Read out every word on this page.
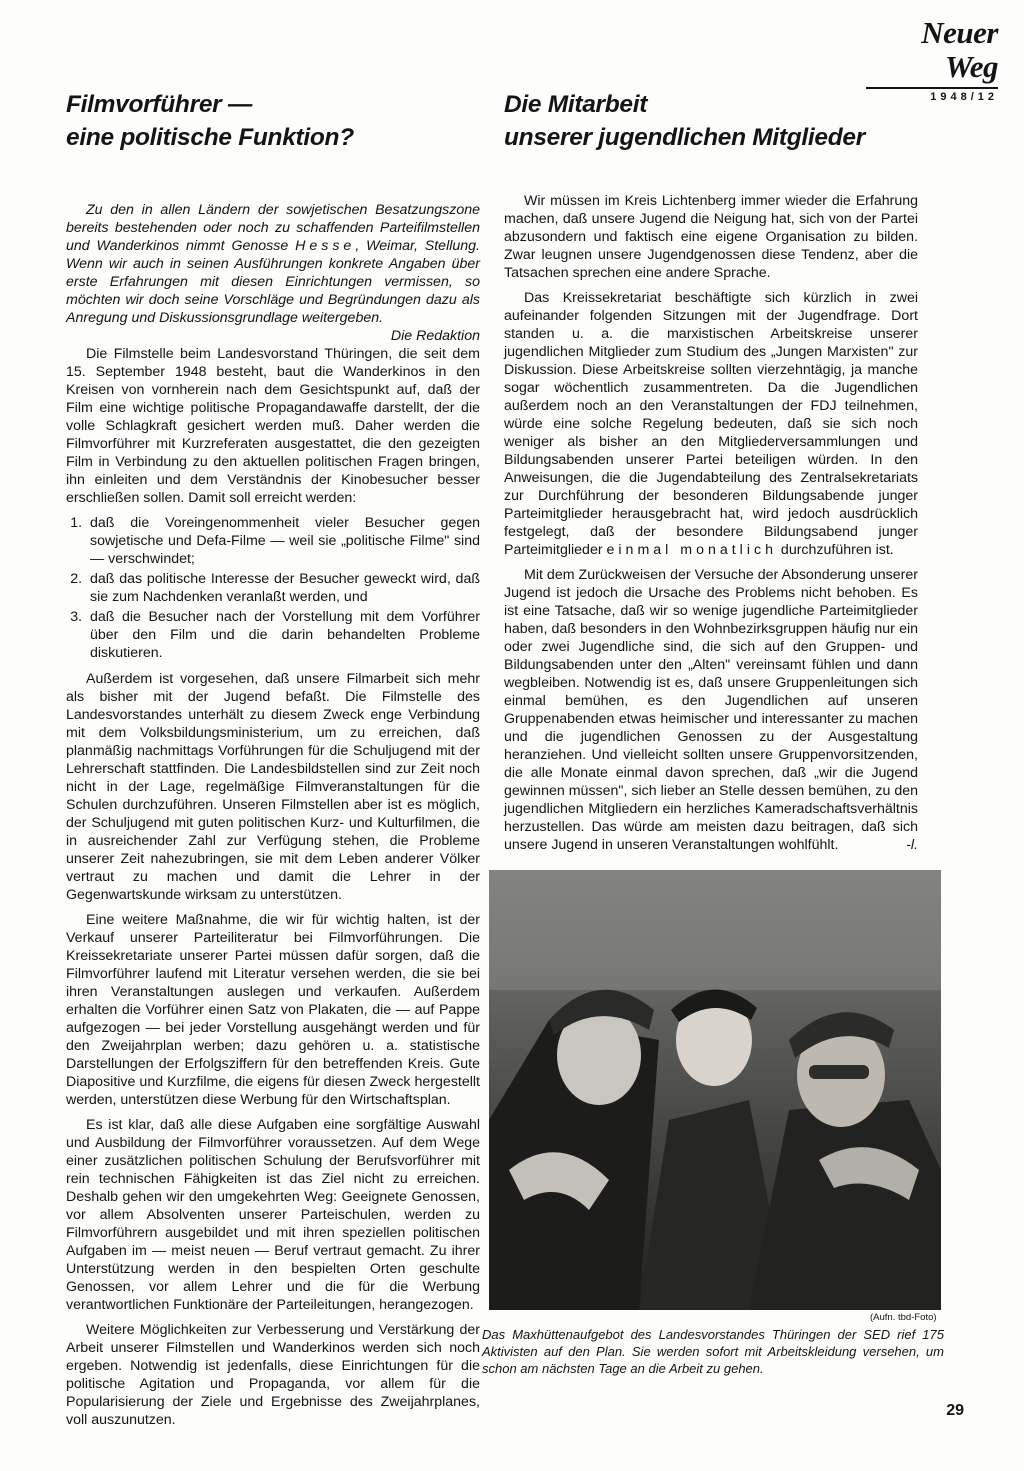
Neuer Weg
1948/12
Filmvorführer —
eine politische Funktion?

Zu den in allen Ländern der sowjetischen Besatzungszone bereits bestehenden oder noch zu schaffenden Parteifilmstellen und Wanderkinos nimmt Genosse Hesse, Weimar, Stellung. Wenn wir auch in seinen Ausführungen konkrete Angaben über erste Erfahrungen mit diesen Einrichtungen vermissen, so möchten wir doch seine Vorschläge und Begründungen dazu als Anregung und Diskussionsgrundlage weitergeben.
Die Redaktion

Die Filmstelle beim Landesvorstand Thüringen, die seit dem 15. September 1948 besteht, baut die Wanderkinos in den Kreisen von vornherein nach dem Gesichtspunkt auf, daß der Film eine wichtige politische Propagandawaffe darstellt, der die volle Schlagkraft gesichert werden muß. Daher werden die Filmvorführer mit Kurzreferaten ausgestattet, die den gezeigten Film in Verbindung zu den aktuellen politischen Fragen bringen, ihn einleiten und dem Verständnis der Kinobesucher besser erschließen sollen. Damit soll erreicht werden:

1. daß die Voreingenommenheit vieler Besucher gegen sowjetische und Defa-Filme — weil sie „politische Filme" sind — verschwindet;
2. daß das politische Interesse der Besucher geweckt wird, daß sie zum Nachdenken veranlaßt werden, und
3. daß die Besucher nach der Vorstellung mit dem Vorführer über den Film und die darin behandelten Probleme diskutieren.

Außerdem ist vorgesehen, daß unsere Filmarbeit sich mehr als bisher mit der Jugend befaßt. Die Filmstelle des Landesvorstandes unterhält zu diesem Zweck enge Verbindung mit dem Volksbildungsministerium, um zu erreichen, daß planmäßig nachmittags Vorführungen für die Schuljugend mit der Lehrerschaft stattfinden. Die Landesbildstellen sind zur Zeit noch nicht in der Lage, regelmäßige Filmveranstaltungen für die Schulen durchzuführen. Unseren Filmstellen aber ist es möglich, der Schuljugend mit guten politischen Kurz- und Kulturfilmen, die in ausreichender Zahl zur Verfügung stehen, die Probleme unserer Zeit nahezubringen, sie mit dem Leben anderer Völker vertraut zu machen und damit die Lehrer in der Gegenwartskunde wirksam zu unterstützen.

Eine weitere Maßnahme, die wir für wichtig halten, ist der Verkauf unserer Parteiliteratur bei Filmvorführungen. Die Kreissekretariate unserer Partei müssen dafür sorgen, daß die Filmvorführer laufend mit Literatur versehen werden, die sie bei ihren Veranstaltungen auslegen und verkaufen. Außerdem erhalten die Vorführer einen Satz von Plakaten, die — auf Pappe aufgezogen — bei jeder Vorstellung ausgehängt werden und für den Zweijahrplan werben; dazu gehören u. a. statistische Darstellungen der Erfolgsziffern für den betreffenden Kreis. Gute Diapositive und Kurzfilme, die eigens für diesen Zweck hergestellt werden, unterstützen diese Werbung für den Wirtschaftsplan.

Es ist klar, daß alle diese Aufgaben eine sorgfältige Auswahl und Ausbildung der Filmvorführer voraussetzen. Auf dem Wege einer zusätzlichen politischen Schulung der Berufsvorführer mit rein technischen Fähigkeiten ist das Ziel nicht zu erreichen. Deshalb gehen wir den umgekehrten Weg: Geeignete Genossen, vor allem Absolventen unserer Parteischulen, werden zu Filmvorführern ausgebildet und mit ihren speziellen politischen Aufgaben im — meist neuen — Beruf vertraut gemacht. Zu ihrer Unterstützung werden in den bespielten Orten geschulte Genossen, vor allem Lehrer und die für die Werbung verantwortlichen Funktionäre der Parteileitungen, herangezogen.

Weitere Möglichkeiten zur Verbesserung und Verstärkung der Arbeit unserer Filmstellen und Wanderkinos werden sich noch ergeben. Notwendig ist jedenfalls, diese Einrichtungen für die politische Agitation und Propaganda, vor allem für die Popularisierung der Ziele und Ergebnisse des Zweijahrplanes, voll auszunutzen.

Die Mitarbeit
unserer jugendlichen Mitglieder

Wir müssen im Kreis Lichtenberg immer wieder die Erfahrung machen, daß unsere Jugend die Neigung hat, sich von der Partei abzusondern und faktisch eine eigene Organisation zu bilden. Zwar leugnen unsere Jugendgenossen diese Tendenz, aber die Tatsachen sprechen eine andere Sprache.

Das Kreissekretariat beschäftigte sich kürzlich in zwei aufeinander folgenden Sitzungen mit der Jugendfrage. Dort standen u. a. die marxistischen Arbeitskreise unserer jugendlichen Mitglieder zum Studium des „Jungen Marxisten" zur Diskussion. Diese Arbeitskreise sollten vierzehntägig, ja manche sogar wöchentlich zusammentreten. Da die Jugendlichen außerdem noch an den Veranstaltungen der FDJ teilnehmen, würde eine solche Regelung bedeuten, daß sie sich noch weniger als bisher an den Mitgliederversammlungen und Bildungsabenden unserer Partei beteiligen würden. In den Anweisungen, die die Jugendabteilung des Zentralsekretariats zur Durchführung der besonderen Bildungsabende junger Parteimitglieder herausgebracht hat, wird jedoch ausdrücklich festgelegt, daß der besondere Bildungsabend junger Parteimitglieder einmal monatlich durchzuführen ist.

Mit dem Zurückweisen der Versuche der Absonderung unserer Jugend ist jedoch die Ursache des Problems nicht behoben. Es ist eine Tatsache, daß wir so wenige jugendliche Parteimitglieder haben, daß besonders in den Wohnbezirksgruppen häufig nur ein oder zwei Jugendliche sind, die sich auf den Gruppen- und Bildungsabenden unter den „Alten" vereinsamt fühlen und dann wegbleiben. Notwendig ist es, daß unsere Gruppenleitungen sich einmal bemühen, es den Jugendlichen auf unseren Gruppenabenden etwas heimischer und interessanter zu machen und die jugendlichen Genossen zu der Ausgestaltung heranziehen. Und vielleicht sollten unsere Gruppenvorsitzenden, die alle Monate einmal davon sprechen, daß „wir die Jugend gewinnen müssen", sich lieber an Stelle dessen bemühen, zu den jugendlichen Mitgliedern ein herzliches Kameradschaftsverhältnis herzustellen. Das würde am meisten dazu beitragen, daß sich unsere Jugend in unseren Veranstaltungen wohlfühlt.	-l.

(Aufn. tbd-Foto)
Das Maxhüttenaufgebot des Landesvorstandes Thüringen der SED rief 175 Aktivisten auf den Plan. Sie werden sofort mit Arbeitskleidung versehen, um schon am nächsten Tage an die Arbeit zu gehen.
29
